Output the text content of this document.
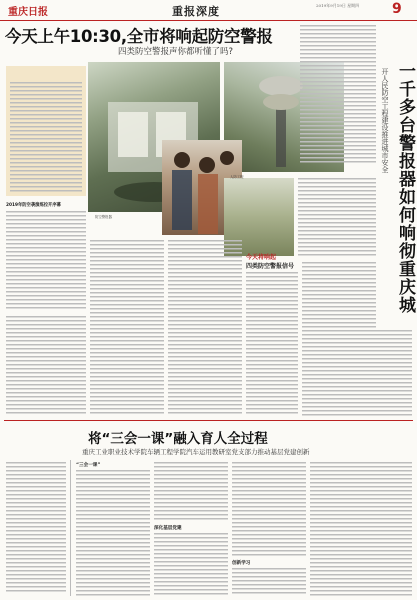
重庆日报	重报深度	2019年9月19日 星期四	9
今天上午10:30,全市将响起防空警报
四类防空警报声你都听懂了吗?
2019年防空袭演练拉开序幕
防空警报器
人防工程
今天将响起
四类防空警报信号	一千多台警报器如何响彻重庆城
开人民防空工程建设推进城市安全
将“三会一课”融入育人全过程
重庆工业职业技术学院车辆工程学院汽车运用教研室党支部力推动基层党建创新
“三会一课”
深化基层党建
创新学习
